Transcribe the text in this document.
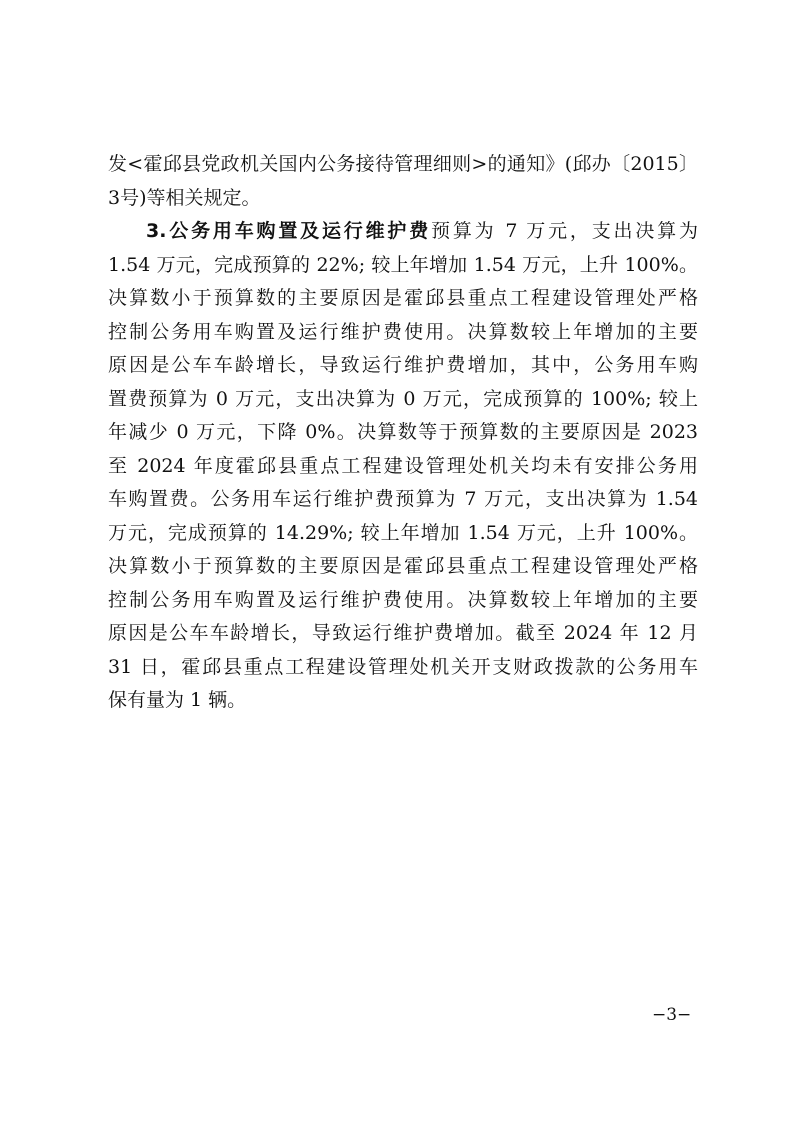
发<霍邱县党政机关国内公务接待管理细则>的通知》(邱办〔2015〕
3号)等相关规定。
3.公务用车购置及运行维护费预算为 7 万元，支出决算为
1.54 万元，完成预算的 22%; 较上年增加 1.54 万元，上升 100%。
决算数小于预算数的主要原因是霍邱县重点工程建设管理处严格
控制公务用车购置及运行维护费使用。决算数较上年增加的主要
原因是公车车龄增长，导致运行维护费增加，其中，公务用车购
置费预算为 0 万元，支出决算为 0 万元，完成预算的 100%; 较上
年减少 0 万元，下降 0%。决算数等于预算数的主要原因是 2023
至 2024 年度霍邱县重点工程建设管理处机关均未有安排公务用
车购置费。公务用车运行维护费预算为 7 万元，支出决算为 1.54
万元，完成预算的 14.29%; 较上年增加 1.54 万元，上升 100%。
决算数小于预算数的主要原因是霍邱县重点工程建设管理处严格
控制公务用车购置及运行维护费使用。决算数较上年增加的主要
原因是公车车龄增长，导致运行维护费增加。截至 2024 年 12 月
31 日，霍邱县重点工程建设管理处机关开支财政拨款的公务用车
保有量为 1 辆。
−3−
